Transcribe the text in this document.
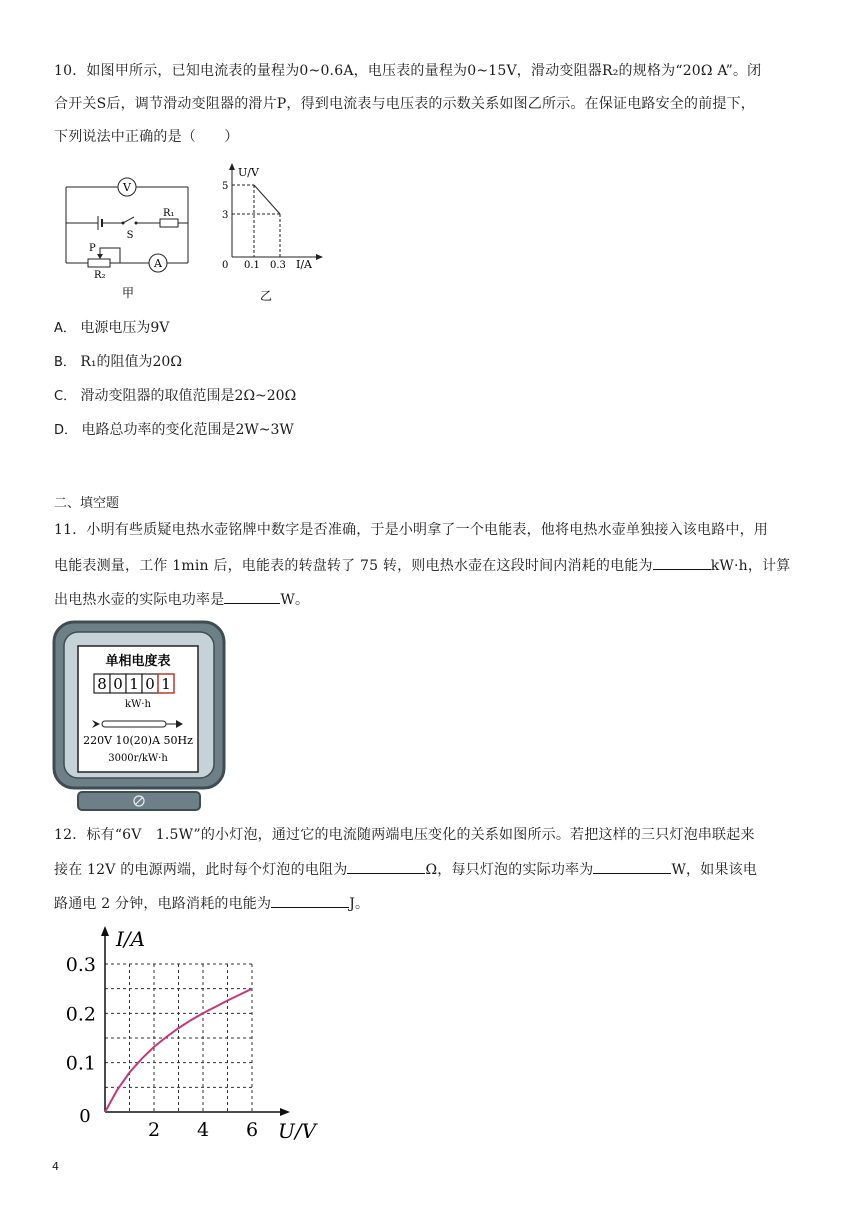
10．如图甲所示，已知电流表的量程为0~0.6A，电压表的量程为0~15V，滑动变阻器R₂的规格为“20Ω A”。闭
合开关S后，调节滑动变阻器的滑片P，得到电流表与电压表的示数关系如图乙所示。在保证电路安全的前提下，
下列说法中正确的是（　　）
V
S
R₁
A
P
R₂
甲
U/V
I/A
5
3
0 0.1 0.3
乙
A． 电源电压为9V
B． R₁的阻值为20Ω
C． 滑动变阻器的取值范围是2Ω~20Ω
D． 电路总功率的变化范围是2W~3W
二、填空题
11．小明有些质疑电热水壶铭牌中数字是否准确，于是小明拿了一个电能表，他将电热水壶单独接入该电路中，用
电能表测量，工作 1min 后，电能表的转盘转了 75 转，则电热水壶在这段时间内消耗的电能为	kW·h，计算
出电热水壶的实际电功率是	W。
单相电度表
8 0 1 0 1
kW·h
220V 10(20)A 50Hz
3000r/kW·h
12．标有“6V　1.5W”的小灯泡，通过它的电流随两端电压变化的关系如图所示。若把这样的三只灯泡串联起来
接在 12V 的电源两端，此时每个灯泡的电阻为	Ω，每只灯泡的实际功率为	W，如果该电
路通电 2 分钟，电路消耗的电能为	J。
I/A
U/V
0
2 4 6
0.1
0.2
0.3
4
